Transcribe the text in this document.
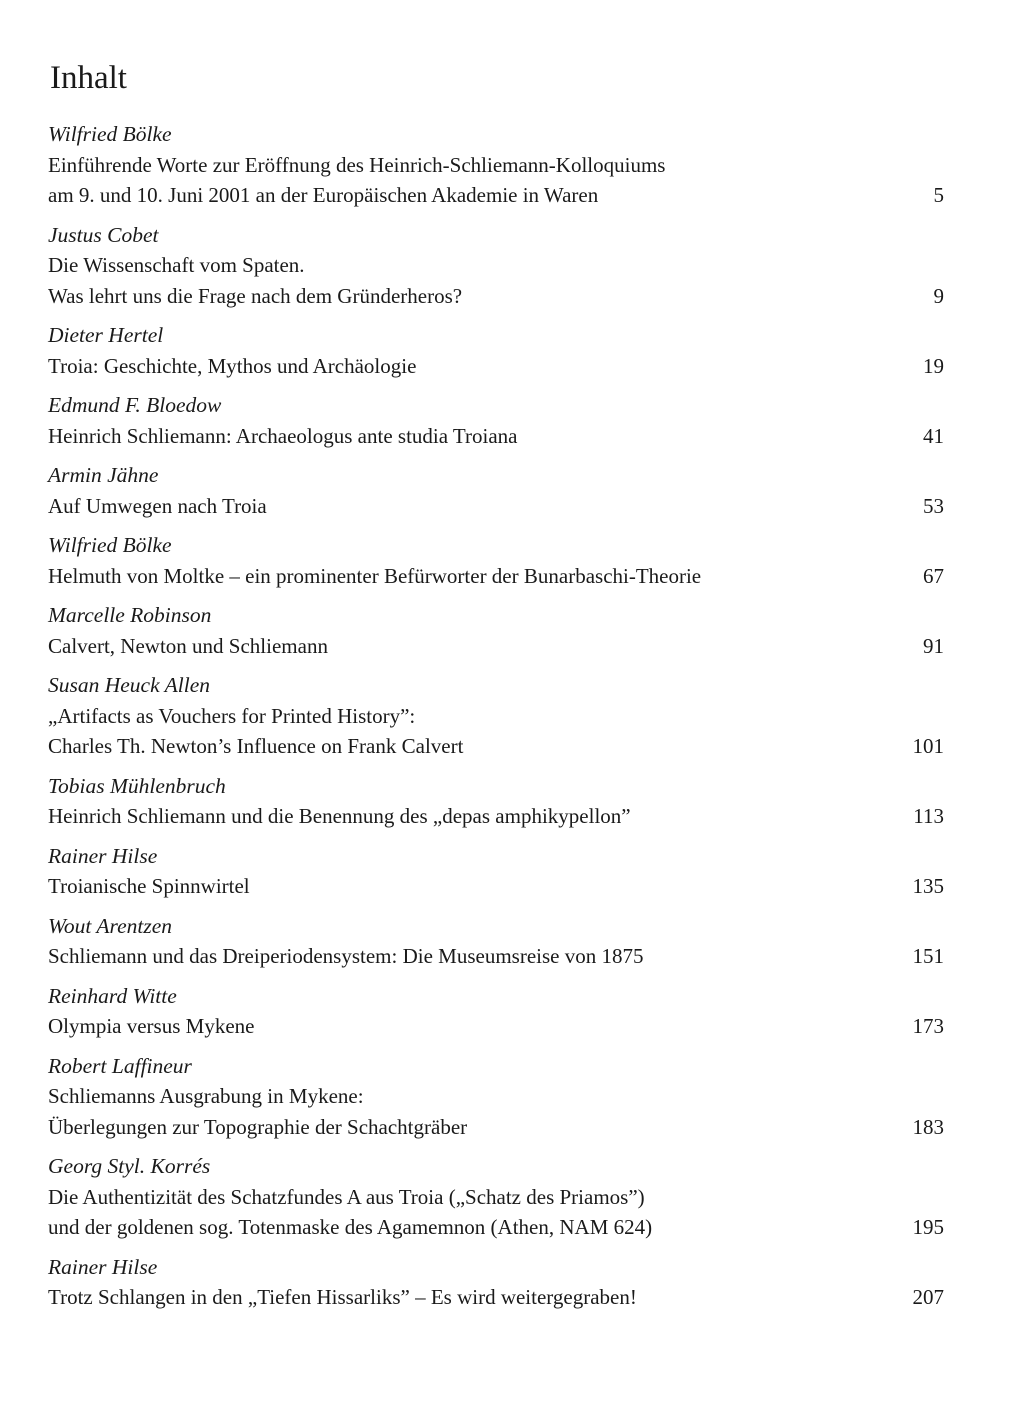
Inhalt
Wilfried Bölke
Einführende Worte zur Eröffnung des Heinrich-Schliemann-Kolloquiums
am 9. und 10. Juni 2001 an der Europäischen Akademie in Waren	5
Justus Cobet
Die Wissenschaft vom Spaten.
Was lehrt uns die Frage nach dem Gründerheros?	9
Dieter Hertel
Troia: Geschichte, Mythos und Archäologie	19
Edmund F. Bloedow
Heinrich Schliemann: Archaeologus ante studia Troiana	41
Armin Jähne
Auf Umwegen nach Troia	53
Wilfried Bölke
Helmuth von Moltke – ein prominenter Befürworter der Bunarbaschi-Theorie	67
Marcelle Robinson
Calvert, Newton und Schliemann	91
Susan Heuck Allen
„Artifacts as Vouchers for Printed History”:
Charles Th. Newton’s Influence on Frank Calvert	101
Tobias Mühlenbruch
Heinrich Schliemann und die Benennung des „depas amphikypellon”	113
Rainer Hilse
Troianische Spinnwirtel	135
Wout Arentzen
Schliemann und das Dreiperiodensystem: Die Museumsreise von 1875	151
Reinhard Witte
Olympia versus Mykene	173
Robert Laffineur
Schliemanns Ausgrabung in Mykene:
Überlegungen zur Topographie der Schachtgräber	183
Georg Styl. Korrés
Die Authentizität des Schatzfundes A aus Troia („Schatz des Priamos”)
und der goldenen sog. Totenmaske des Agamemnon (Athen, NAM 624)	195
Rainer Hilse
Trotz Schlangen in den „Tiefen Hissarliks” – Es wird weitergegraben!	207
